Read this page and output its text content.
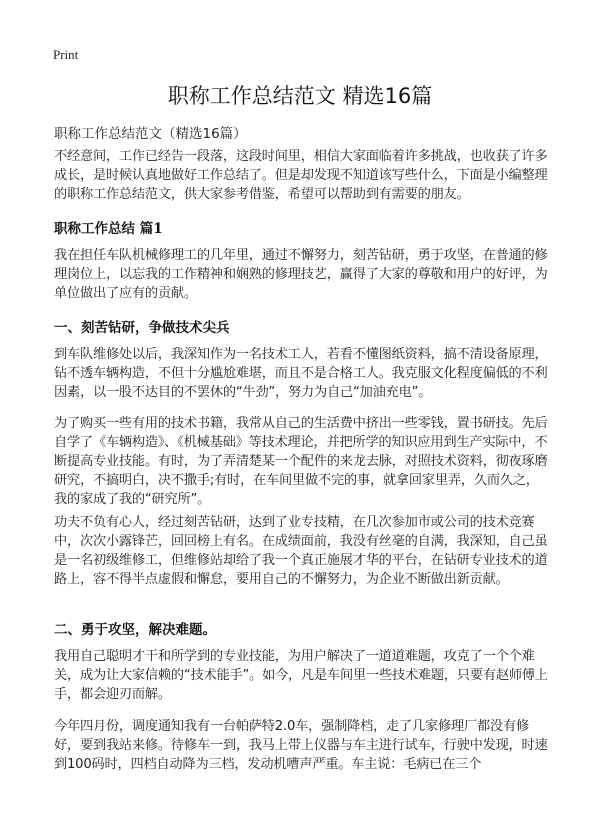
Print
职称工作总结范文 精选16篇
职称工作总结范文（精选16篇）
不经意间，工作已经告一段落，这段时间里，相信大家面临着许多挑战，也收获了许多成长，是时候认真地做好工作总结了。但是却发现不知道该写些什么，下面是小编整理的职称工作总结范文，供大家参考借鉴，希望可以帮助到有需要的朋友。
职称工作总结 篇1
我在担任车队机械修理工的几年里，通过不懈努力，刻苦钻研，勇于攻坚，在普通的修理岗位上，以忘我的工作精神和娴熟的修理技艺，赢得了大家的尊敬和用户的好评，为单位做出了应有的贡献。
一、刻苦钻研，争做技术尖兵
到车队维修处以后，我深知作为一名技术工人，若看不懂图纸资料，搞不清设备原理，钻不透车辆构造，不但十分尴尬难堪，而且不是合格工人。我克服文化程度偏低的不利因素，以一股不达目的不罢休的“牛劲”，努力为自己“加油充电”。
为了购买一些有用的技术书籍，我常从自己的生活费中挤出一些零钱，置书研技。先后自学了《车辆构造》、《机械基础》等技术理论，并把所学的知识应用到生产实际中，不断提高专业技能。有时，为了弄清楚某一个配件的来龙去脉，对照技术资料，彻夜琢磨研究，不搞明白，决不撒手;有时，在车间里做不完的事，就拿回家里弄，久而久之，我的家成了我的“研究所”。
功夫不负有心人，经过刻苦钻研，达到了业专技精，在几次参加市或公司的技术竞赛中，次次小露锋芒，回回榜上有名。在成绩面前，我没有丝毫的自满，我深知，自己虽是一名初级维修工，但维修站却给了我一个真正施展才华的平台，在钻研专业技术的道路上，容不得半点虚假和懈怠，要用自己的不懈努力，为企业不断做出新贡献。
二、勇于攻坚，解决难题。
我用自己聪明才干和所学到的专业技能，为用户解决了一道道难题，攻克了一个个难关，成为让大家信赖的“技术能手”。如今，凡是车间里一些技术难题，只要有赵师傅上手，都会迎刃而解。
今年四月份，调度通知我有一台帕萨特2.0车，强制降档，走了几家修理厂都没有修好，要到我站来修。待修车一到，我马上带上仪器与车主进行试车，行驶中发现，时速到100码时，四档自动降为三档，发动机嘈声严重。车主说：毛病已在三个
